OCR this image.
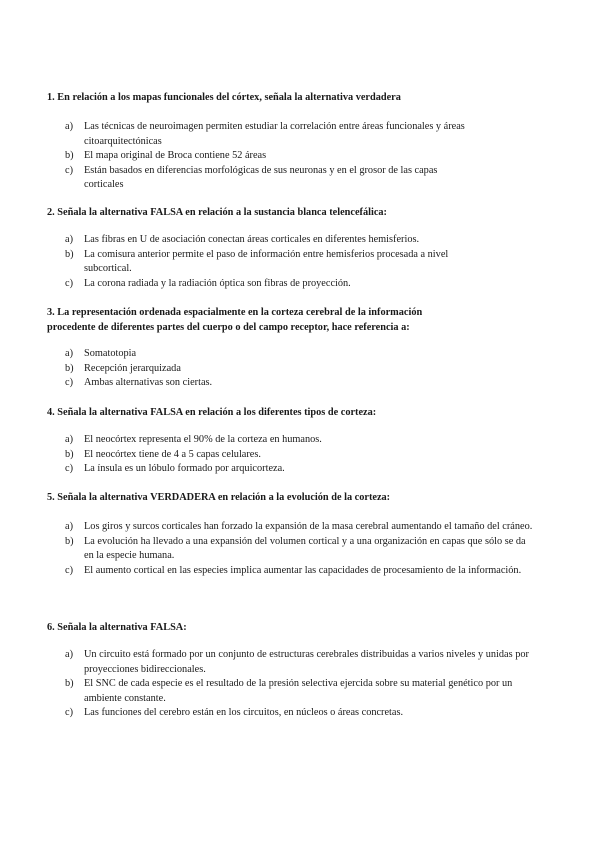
1. En relación a los mapas funcionales del córtex, señala la alternativa verdadera

a) Las técnicas de neuroimagen permiten estudiar la correlación entre áreas funcionales y áreas citoarquitectónicas
b) El mapa original de Broca contiene 52 áreas
c) Están basados en diferencias morfológicas de sus neuronas y en el grosor de las capas corticales

2. Señala la alternativa FALSA en relación a la sustancia blanca telencefálica:

a) Las fibras en U de asociación conectan áreas corticales en diferentes hemisferios.
b) La comisura anterior permite el paso de información entre hemisferios procesada a nivel subcortical.
c) La corona radiada y la radiación óptica son fibras de proyección.

3. La representación ordenada espacialmente en la corteza cerebral de la información procedente de diferentes partes del cuerpo o del campo receptor, hace referencia a:

a) Somatotopia
b) Recepción jerarquizada
c) Ambas alternativas son ciertas.

4. Señala la alternativa FALSA en relación a los diferentes tipos de corteza:

a) El neocórtex representa el 90% de la corteza en humanos.
b) El neocórtex tiene de 4 a 5 capas celulares.
c) La ínsula es un lóbulo formado por arquicorteza.

5. Señala la alternativa VERDADERA en relación a la evolución de la corteza:

a) Los giros y surcos corticales han forzado la expansión de la masa cerebral aumentando el tamaño del cráneo.
b) La evolución ha llevado a una expansión del volumen cortical y a una organización en capas que sólo se da en la especie humana.
c) El aumento cortical en las especies implica aumentar las capacidades de procesamiento de la información.

6. Señala la alternativa FALSA:

a) Un circuito está formado por un conjunto de estructuras cerebrales distribuidas a varios niveles y unidas por proyecciones bidireccionales.
b) El SNC de cada especie es el resultado de la presión selectiva ejercida sobre su material genético por un ambiente constante.
c) Las funciones del cerebro están en los circuitos, en núcleos o áreas concretas.
